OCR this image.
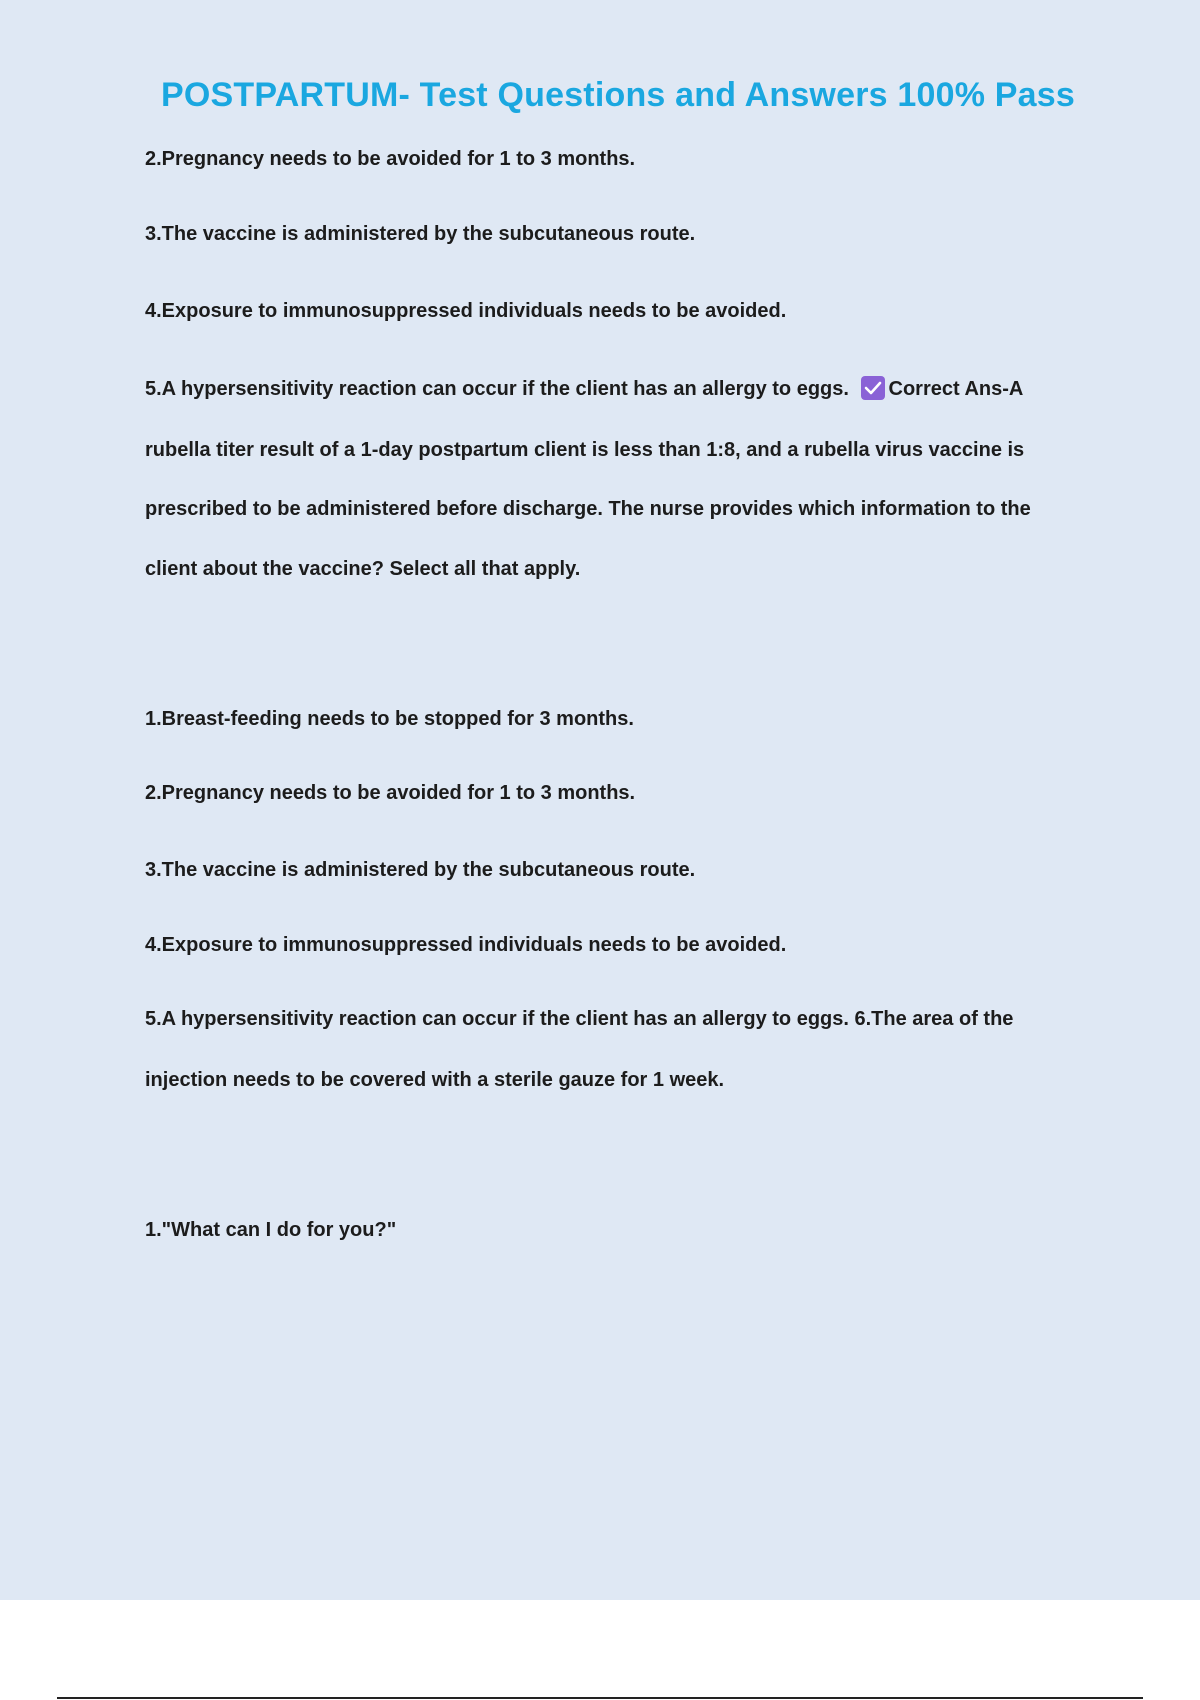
POSTPARTUM- Test Questions and Answers 100% Pass
2.Pregnancy needs to be avoided for 1 to 3 months.
3.The vaccine is administered by the subcutaneous route.
4.Exposure to immunosuppressed individuals needs to be avoided.
5.A hypersensitivity reaction can occur if the client has an allergy to eggs. Correct Ans-A
rubella titer result of a 1-day postpartum client is less than 1:8, and a rubella virus vaccine is
prescribed to be administered before discharge. The nurse provides which information to the
client about the vaccine? Select all that apply.
1.Breast-feeding needs to be stopped for 3 months.
2.Pregnancy needs to be avoided for 1 to 3 months.
3.The vaccine is administered by the subcutaneous route.
4.Exposure to immunosuppressed individuals needs to be avoided.
5.A hypersensitivity reaction can occur if the client has an allergy to eggs. 6.The area of the
injection needs to be covered with a sterile gauze for 1 week.
1."What can I do for you?"
